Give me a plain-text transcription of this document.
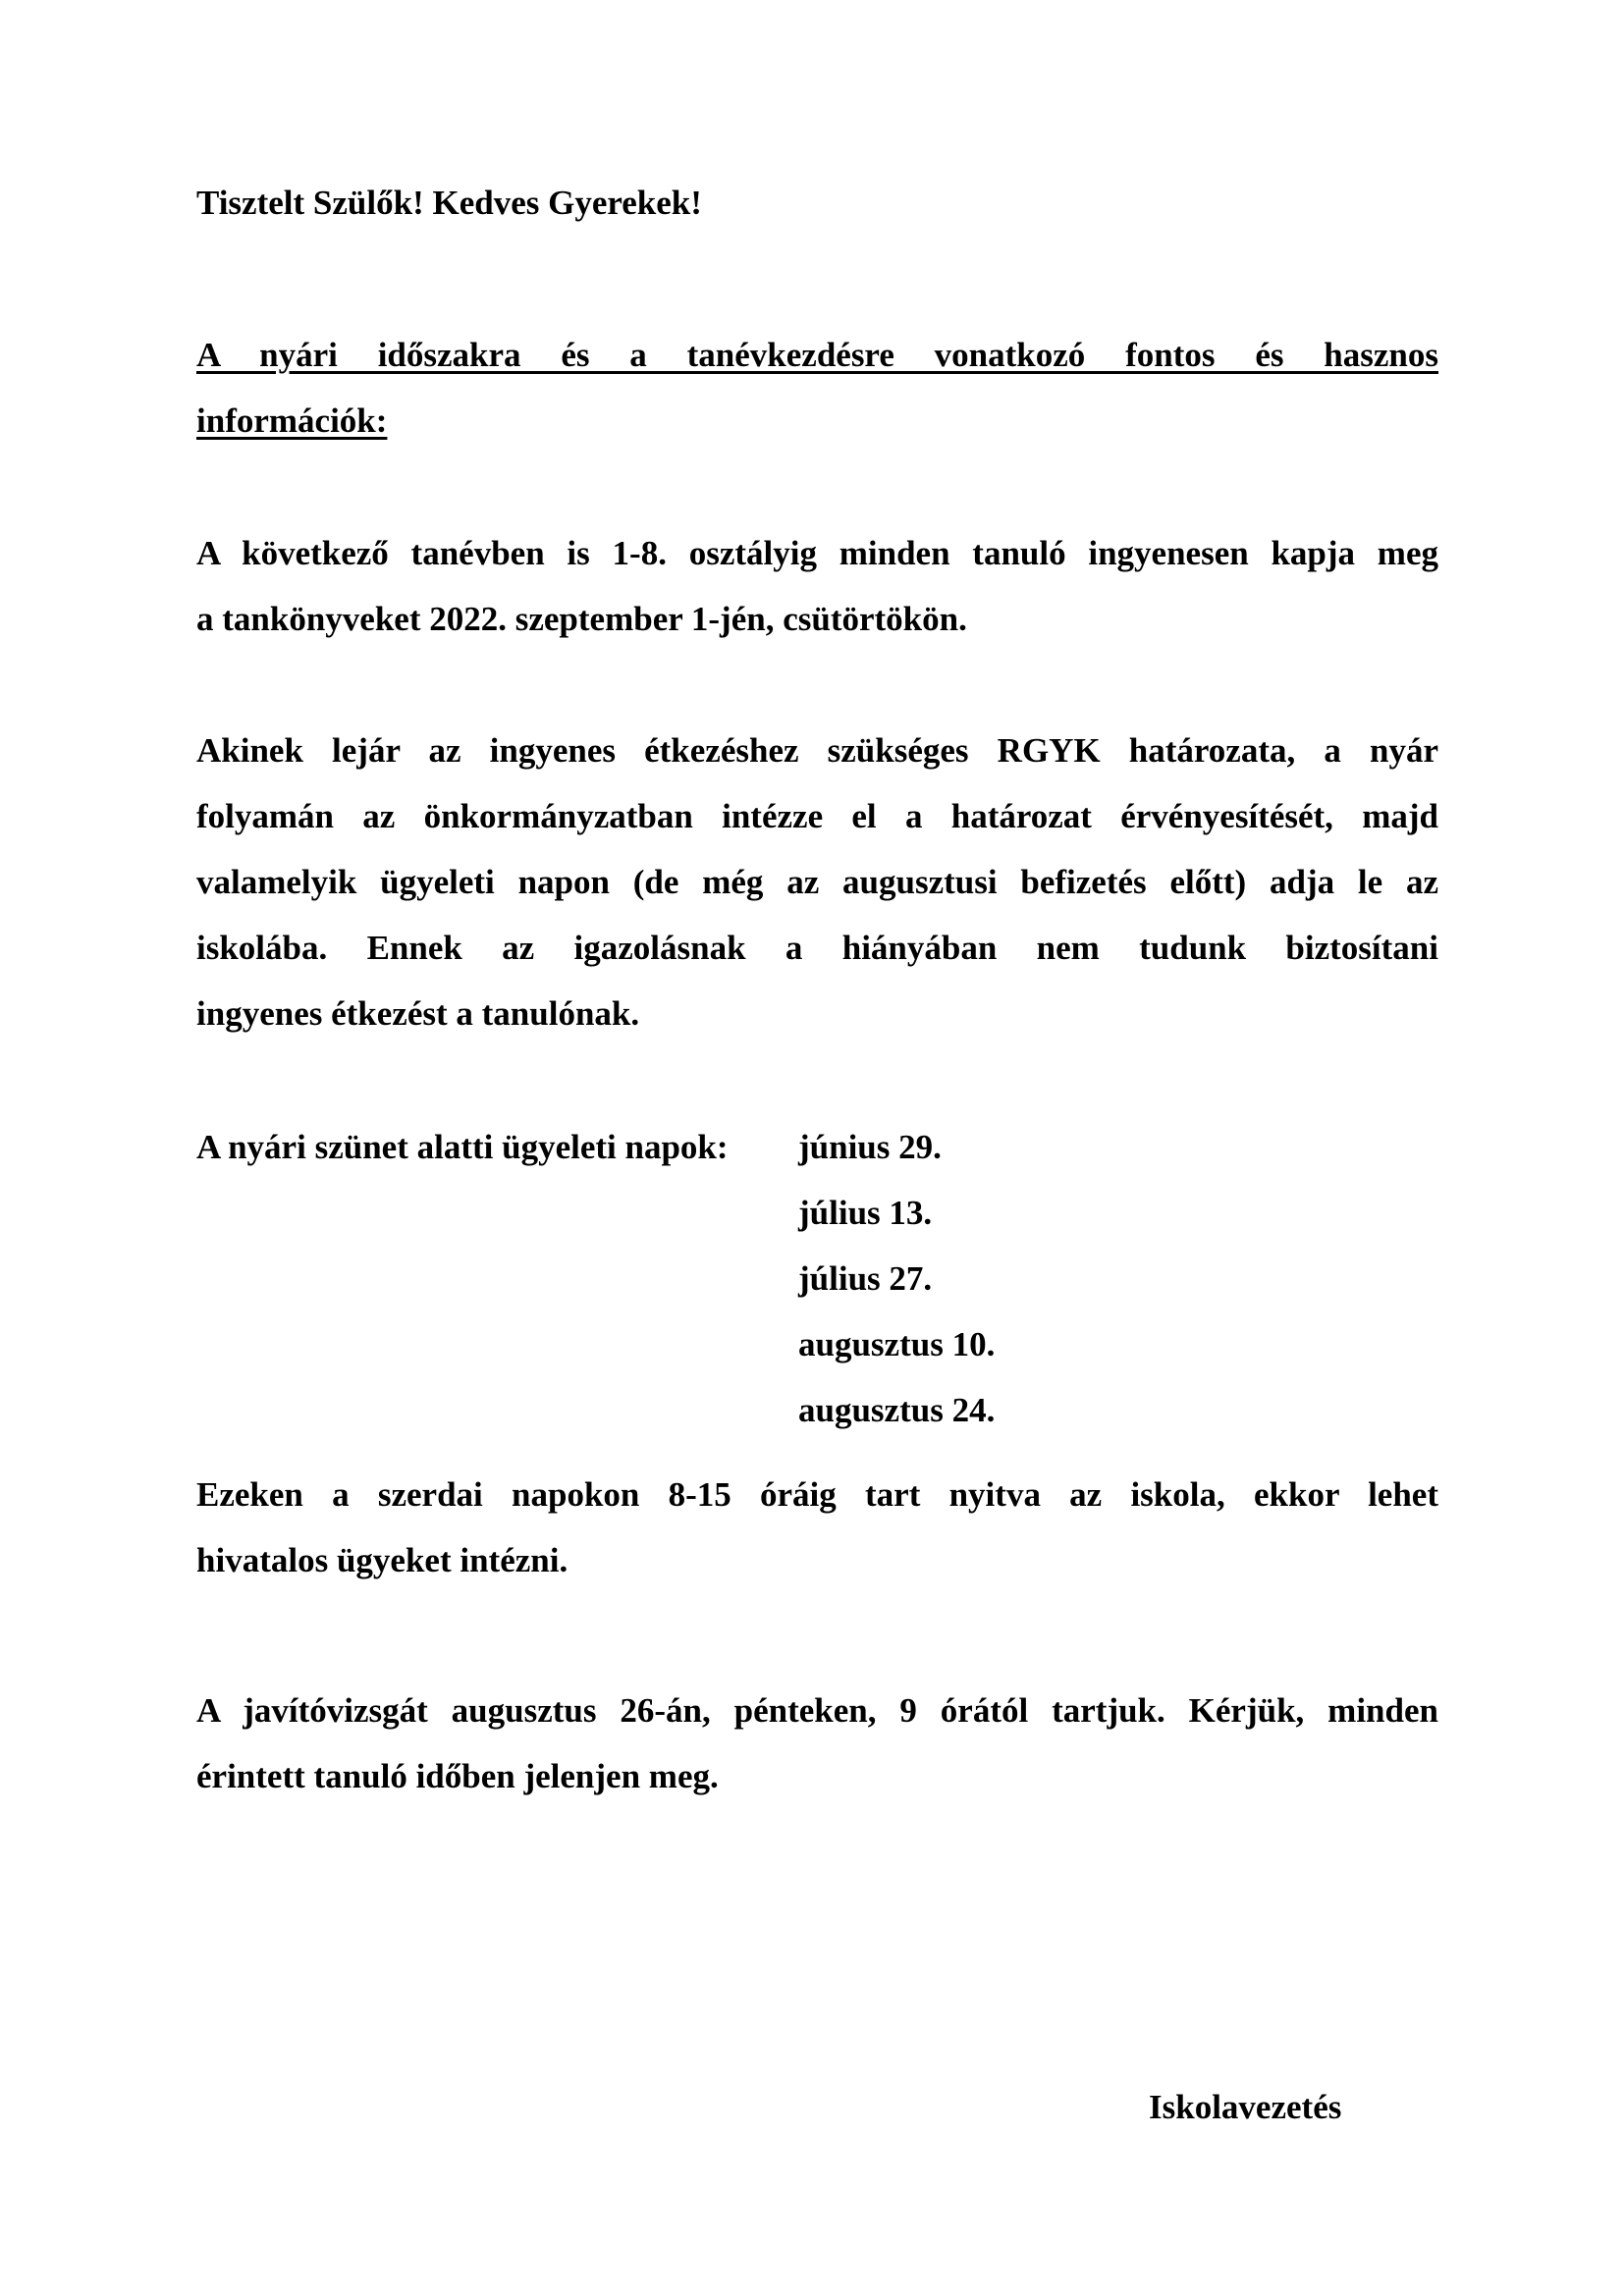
Tisztelt Szülők! Kedves Gyerekek!
A nyári időszakra és a tanévkezdésre vonatkozó fontos és hasznos
információk:
A következő tanévben is 1-8. osztályig minden tanuló ingyenesen kapja meg
a tankönyveket 2022. szeptember 1-jén, csütörtökön.
Akinek lejár az ingyenes étkezéshez szükséges RGYK határozata, a nyár
folyamán az önkormányzatban intézze el a határozat érvényesítését, majd
valamelyik ügyeleti napon (de még az augusztusi befizetés előtt) adja le az
iskolába. Ennek az igazolásnak a hiányában nem tudunk biztosítani
ingyenes étkezést a tanulónak.
A nyári szünet alatti ügyeleti napok: június 29.
július 13.
július 27.
augusztus 10.
augusztus 24.
Ezeken a szerdai napokon 8-15 óráig tart nyitva az iskola, ekkor lehet
hivatalos ügyeket intézni.
A javítóvizsgát augusztus 26-án, pénteken, 9 órától tartjuk. Kérjük, minden
érintett tanuló időben jelenjen meg.
Iskolavezetés
